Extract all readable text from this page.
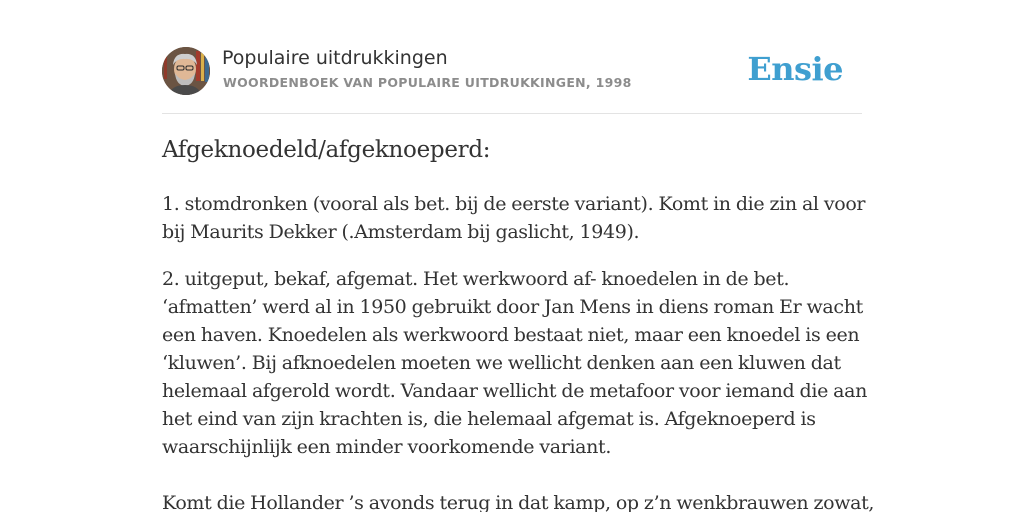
Populaire uitdrukkingen
WOORDENBOEK VAN POPULAIRE UITDRUKKINGEN, 1998	Ensie
Afgeknoedeld/afgeknoeperd:
1. stomdronken (vooral als bet. bij de eerste variant). Komt in die zin al voor bij Maurits Dekker (.Amsterdam bij gaslicht, 1949).
2. uitgeput, bekaf, afgemat. Het werkwoord af- knoedelen in de bet. ‘afmatten’ werd al in 1950 gebruikt door Jan Mens in diens roman Er wacht een haven. Knoedelen als werkwoord bestaat niet, maar een knoedel is een ‘kluwen’. Bij afknoedelen moeten we wellicht denken aan een kluwen dat helemaal afgerold wordt. Vandaar wellicht de metafoor voor iemand die aan het eind van zijn krachten is, die helemaal afgemat is. Afgeknoeperd is waarschijnlijk een minder voorkomende variant.
Komt die Hollander ’s avonds terug in dat kamp, op z’n wenkbrauwen zowat,
